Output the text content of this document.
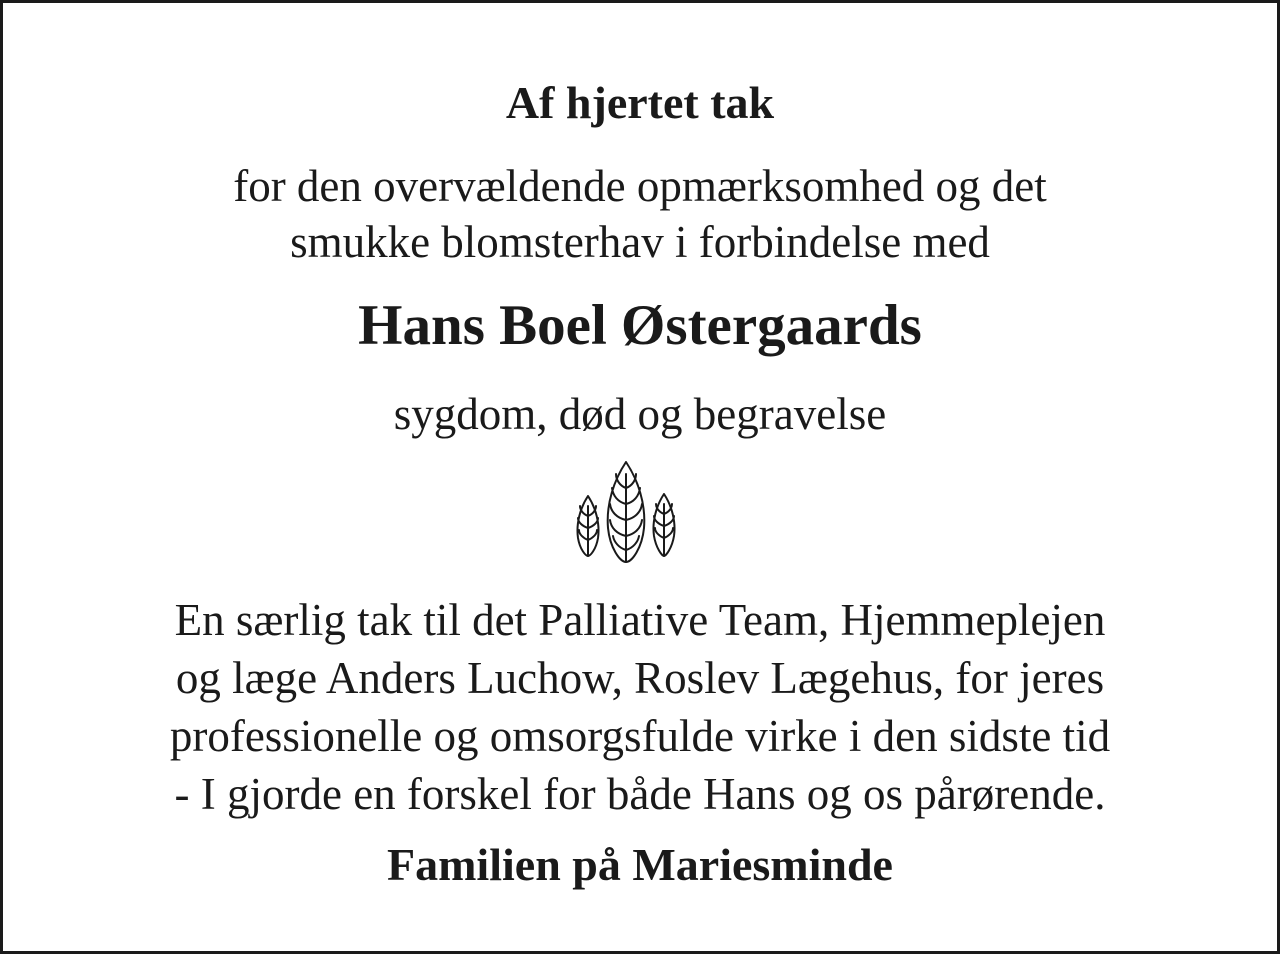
Af hjertet tak
for den overvældende opmærksomhed og det
smukke blomsterhav i forbindelse med
Hans Boel Østergaards
sygdom, død og begravelse
En særlig tak til det Palliative Team, Hjemmeplejen
og læge Anders Luchow, Roslev Lægehus, for jeres
professionelle og omsorgsfulde virke i den sidste tid
- I gjorde en forskel for både Hans og os pårørende.
Familien på Mariesminde
